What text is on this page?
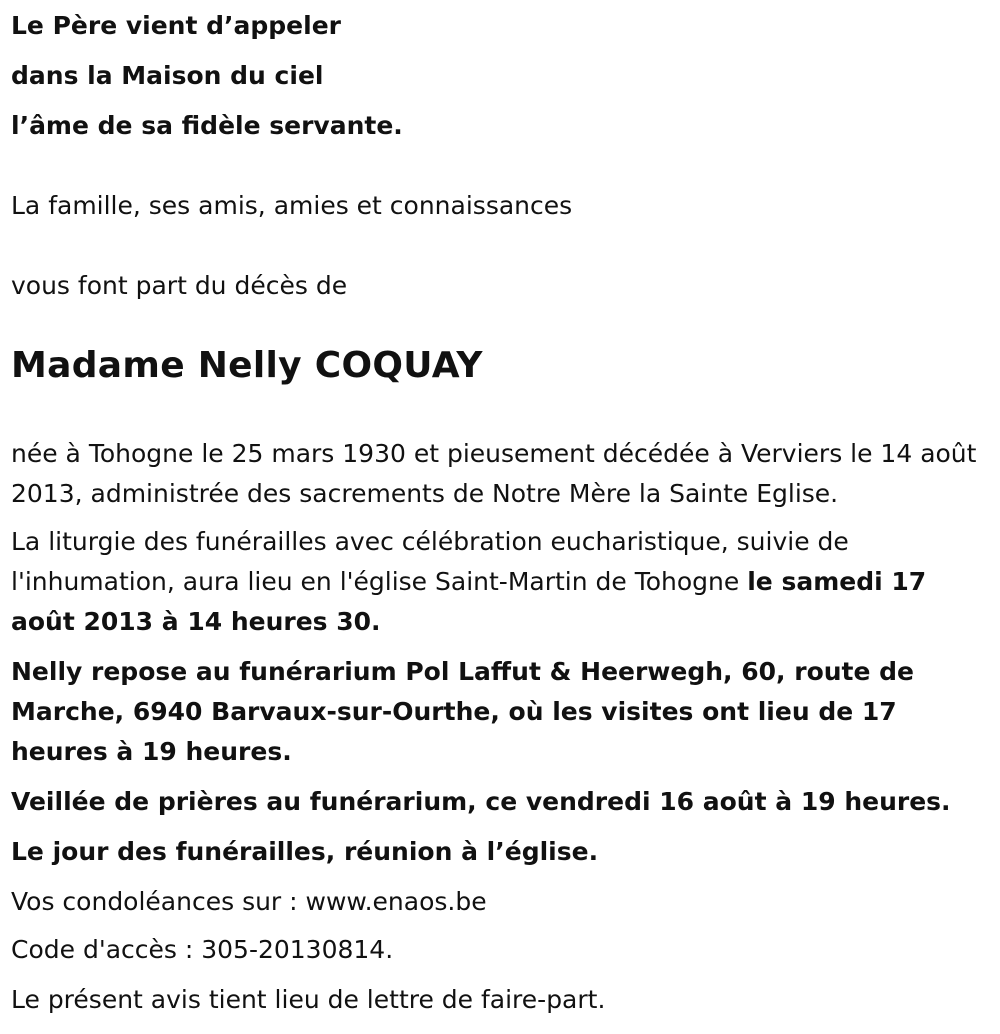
Le Père vient d’appeler

dans la Maison du ciel

l’âme de sa fidèle servante.

La famille, ses amis, amies et connaissances

vous font part du décès de

Madame Nelly COQUAY

née à Tohogne le 25 mars 1930 et pieusement décédée à Verviers le 14 août 2013, administrée des sacrements de Notre Mère la Sainte Eglise.

La liturgie des funérailles avec célébration eucharistique, suivie de l'inhumation, aura lieu en l'église Saint-Martin de Tohogne le samedi 17 août 2013 à 14 heures 30.

Nelly repose au funérarium Pol Laffut & Heerwegh, 60, route de Marche, 6940 Barvaux-sur-Ourthe, où les visites ont lieu de 17 heures à 19 heures.

Veillée de prières au funérarium, ce vendredi 16 août à 19 heures.

Le jour des funérailles, réunion à l’église.

Vos condoléances sur : www.enaos.be

Code d'accès : 305-20130814.

Le présent avis tient lieu de lettre de faire-part.
